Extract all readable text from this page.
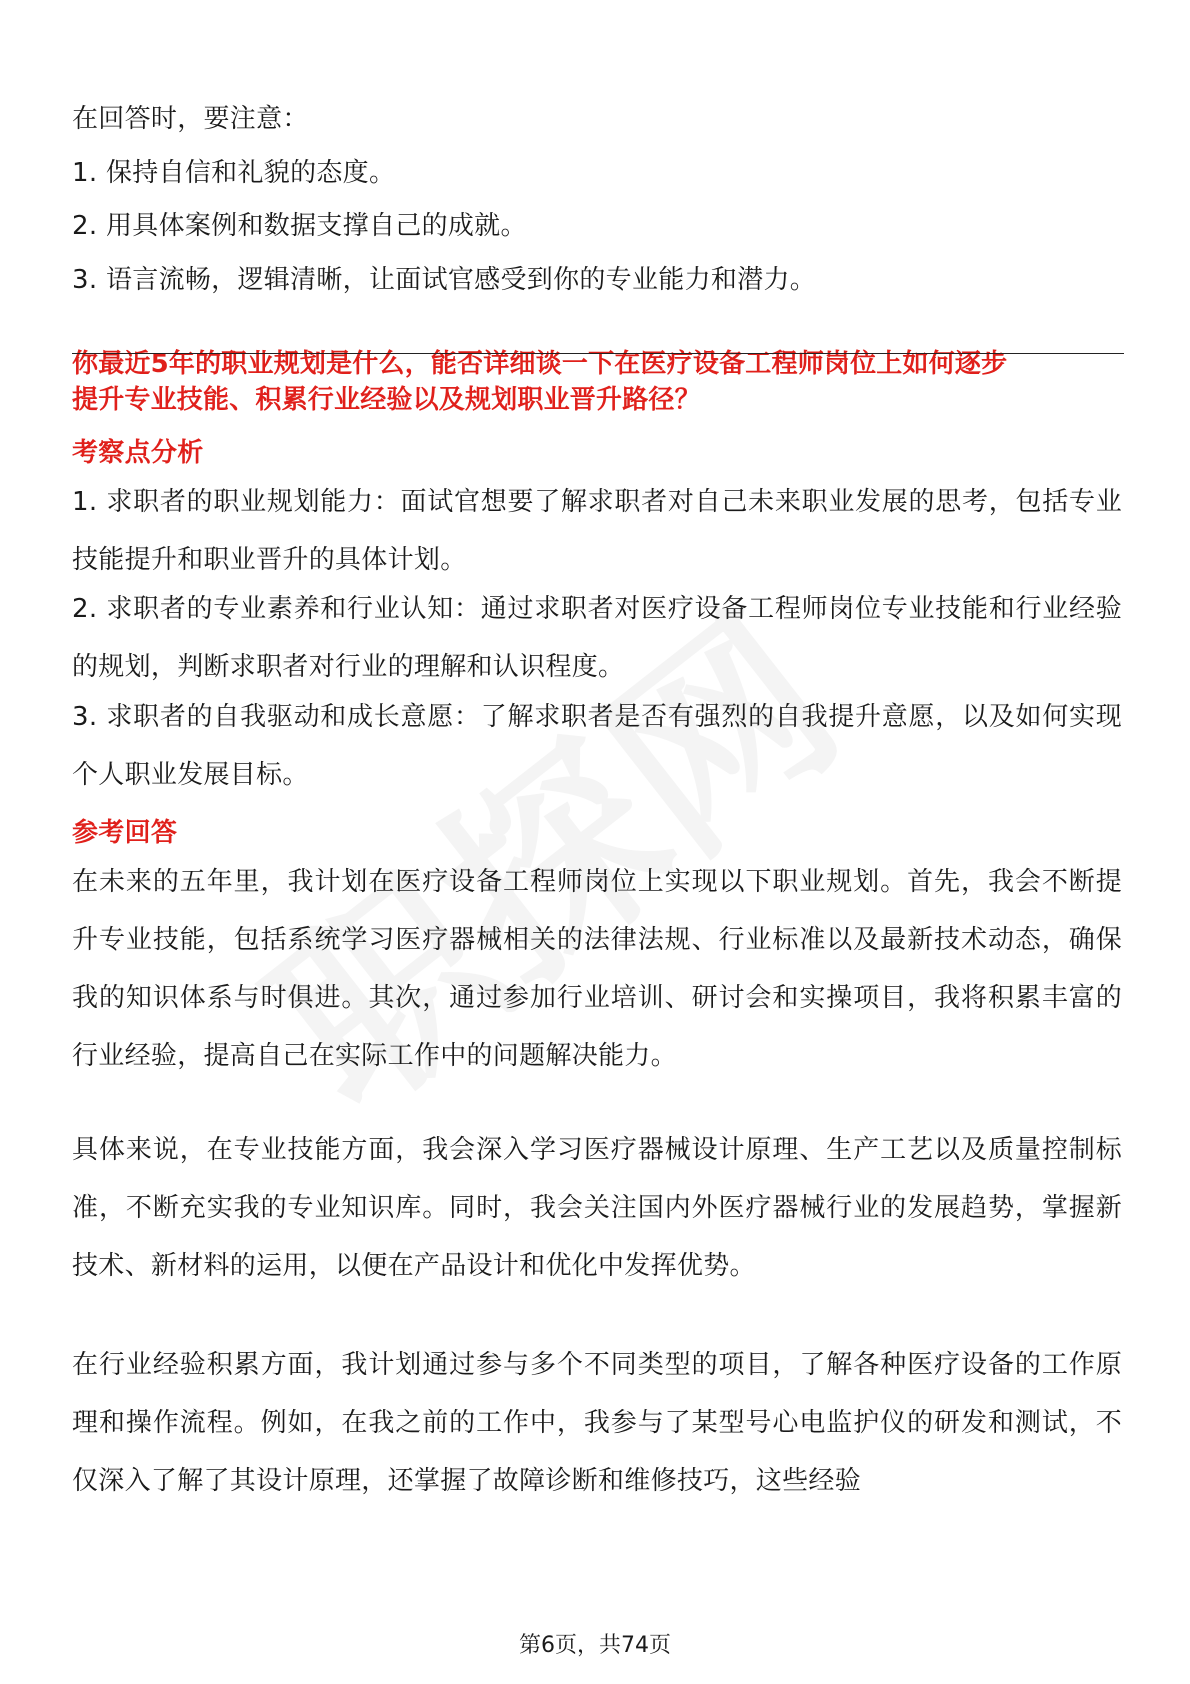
在回答时，要注意：
1. 保持自信和礼貌的态度。
2. 用具体案例和数据支撑自己的成就。
3. 语言流畅，逻辑清晰，让面试官感受到你的专业能力和潜力。
你最近5年的职业规划是什么，能否详细谈一下在医疗设备工程师岗位上如何逐步
提升专业技能、积累行业经验以及规划职业晋升路径？
考察点分析
1. 求职者的职业规划能力：面试官想要了解求职者对自己未来职业发展的思考，包括专业技能提升和职业晋升的具体计划。
2. 求职者的专业素养和行业认知：通过求职者对医疗设备工程师岗位专业技能和行业经验的规划，判断求职者对行业的理解和认识程度。
3. 求职者的自我驱动和成长意愿：了解求职者是否有强烈的自我提升意愿，以及如何实现个人职业发展目标。
参考回答
在未来的五年里，我计划在医疗设备工程师岗位上实现以下职业规划。首先，我会不断提升专业技能，包括系统学习医疗器械相关的法律法规、行业标准以及最新技术动态，确保我的知识体系与时俱进。其次，通过参加行业培训、研讨会和实操项目，我将积累丰富的行业经验，提高自己在实际工作中的问题解决能力。
具体来说，在专业技能方面，我会深入学习医疗器械设计原理、生产工艺以及质量控制标准，不断充实我的专业知识库。同时，我会关注国内外医疗器械行业的发展趋势，掌握新技术、新材料的运用，以便在产品设计和优化中发挥优势。
在行业经验积累方面，我计划通过参与多个不同类型的项目，了解各种医疗设备的工作原理和操作流程。例如，在我之前的工作中，我参与了某型号心电监护仪的研发和测试，不仅深入了解了其设计原理，还掌握了故障诊断和维修技巧，这些经验
第6页，共74页
